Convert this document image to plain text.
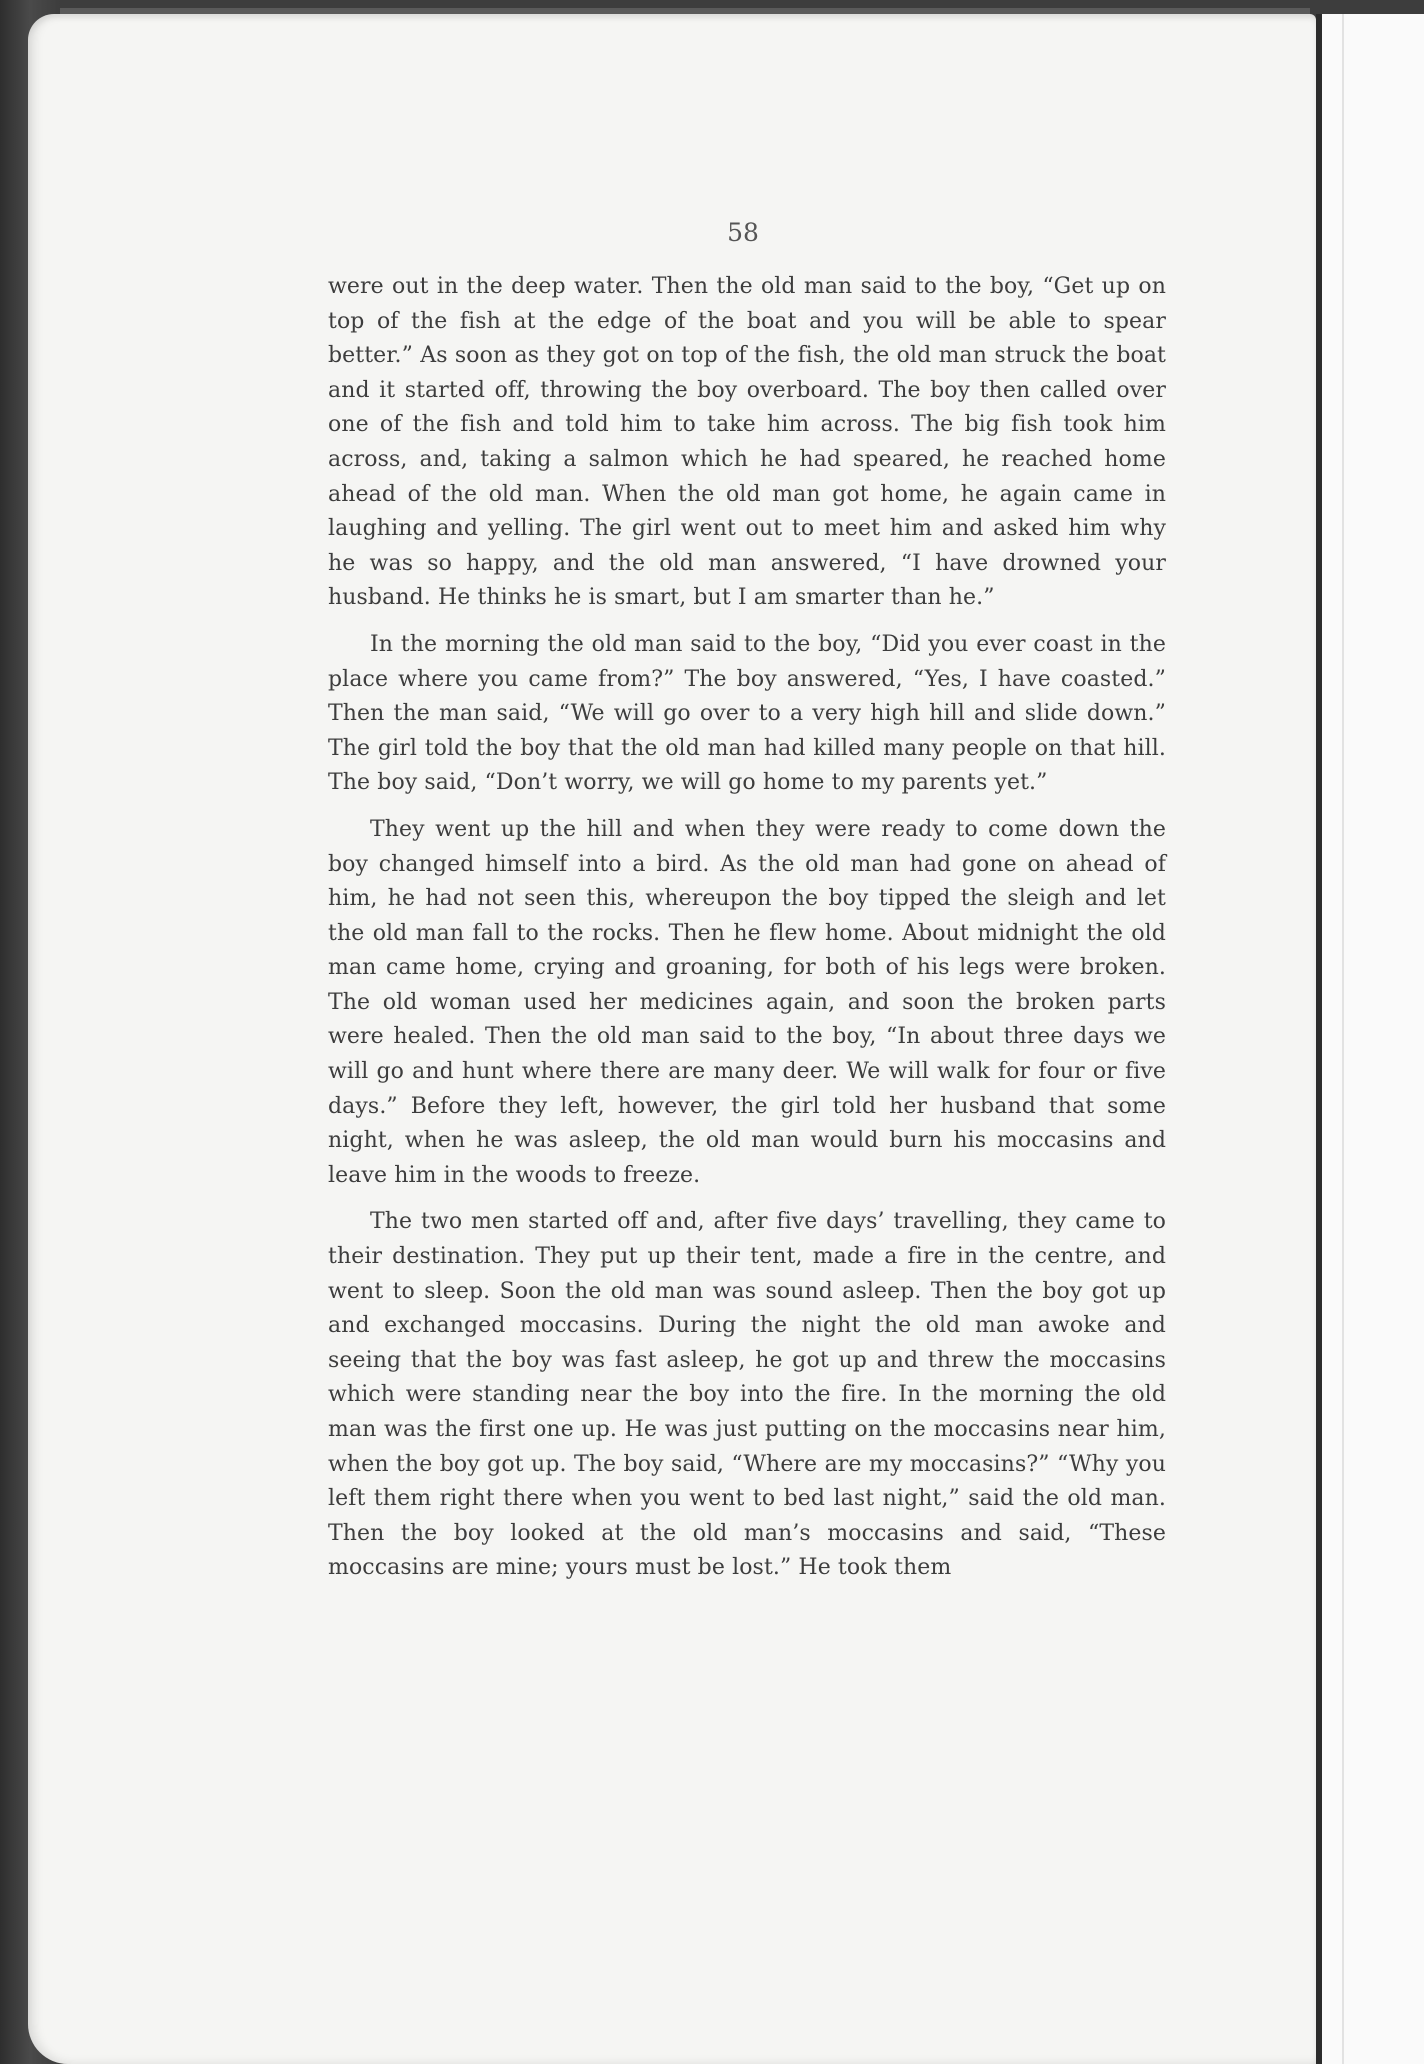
58

were out in the deep water. Then the old man said to the boy, “Get up on top of the fish at the edge of the boat and you will be able to spear better.” As soon as they got on top of the fish, the old man struck the boat and it started off, throwing the boy overboard. The boy then called over one of the fish and told him to take him across. The big fish took him across, and, taking a salmon which he had speared, he reached home ahead of the old man. When the old man got home, he again came in laughing and yelling. The girl went out to meet him and asked him why he was so happy, and the old man answered, “I have drowned your husband. He thinks he is smart, but I am smarter than he.”

In the morning the old man said to the boy, “Did you ever coast in the place where you came from?” The boy answered, “Yes, I have coasted.” Then the man said, “We will go over to a very high hill and slide down.” The girl told the boy that the old man had killed many people on that hill. The boy said, “Don’t worry, we will go home to my parents yet.”

They went up the hill and when they were ready to come down the boy changed himself into a bird. As the old man had gone on ahead of him, he had not seen this, whereupon the boy tipped the sleigh and let the old man fall to the rocks. Then he flew home. About midnight the old man came home, crying and groaning, for both of his legs were broken. The old woman used her medicines again, and soon the broken parts were healed. Then the old man said to the boy, “In about three days we will go and hunt where there are many deer. We will walk for four or five days.” Before they left, however, the girl told her husband that some night, when he was asleep, the old man would burn his moccasins and leave him in the woods to freeze.

The two men started off and, after five days’ travelling, they came to their destination. They put up their tent, made a fire in the centre, and went to sleep. Soon the old man was sound asleep. Then the boy got up and exchanged moccasins. During the night the old man awoke and seeing that the boy was fast asleep, he got up and threw the moccasins which were standing near the boy into the fire. In the morning the old man was the first one up. He was just putting on the moccasins near him, when the boy got up. The boy said, “Where are my moccasins?” “Why you left them right there when you went to bed last night,” said the old man. Then the boy looked at the old man’s moccasins and said, “These moccasins are mine; yours must be lost.” He took them
